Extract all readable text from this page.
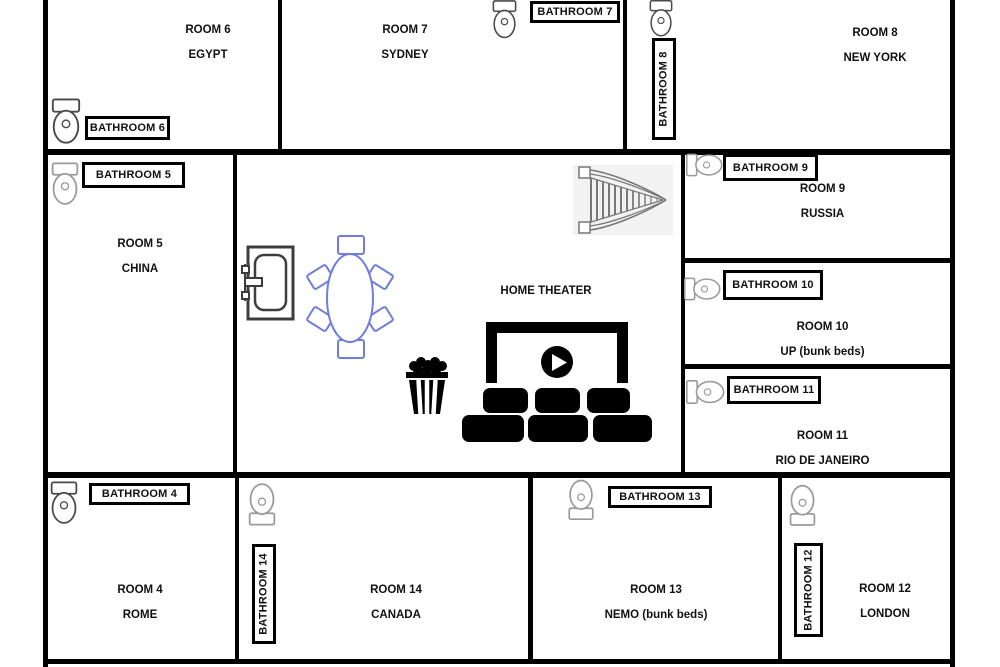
BATHROOM 6
BATHROOM 7
BATHROOM 8
BATHROOM 5
BATHROOM 9
BATHROOM 10
BATHROOM 11
BATHROOM 4
BATHROOM 14
BATHROOM 13
BATHROOM 12
ROOM 6
EGYPT
ROOM 7
SYDNEY
ROOM 8
NEW YORK
ROOM 5
CHINA
ROOM 9
RUSSIA
ROOM 10
UP (bunk beds)
ROOM 11
RIO DE JANEIRO
ROOM 4
ROME
ROOM 14
CANADA
ROOM 13
NEMO (bunk beds)
ROOM 12
LONDON
HOME THEATER
